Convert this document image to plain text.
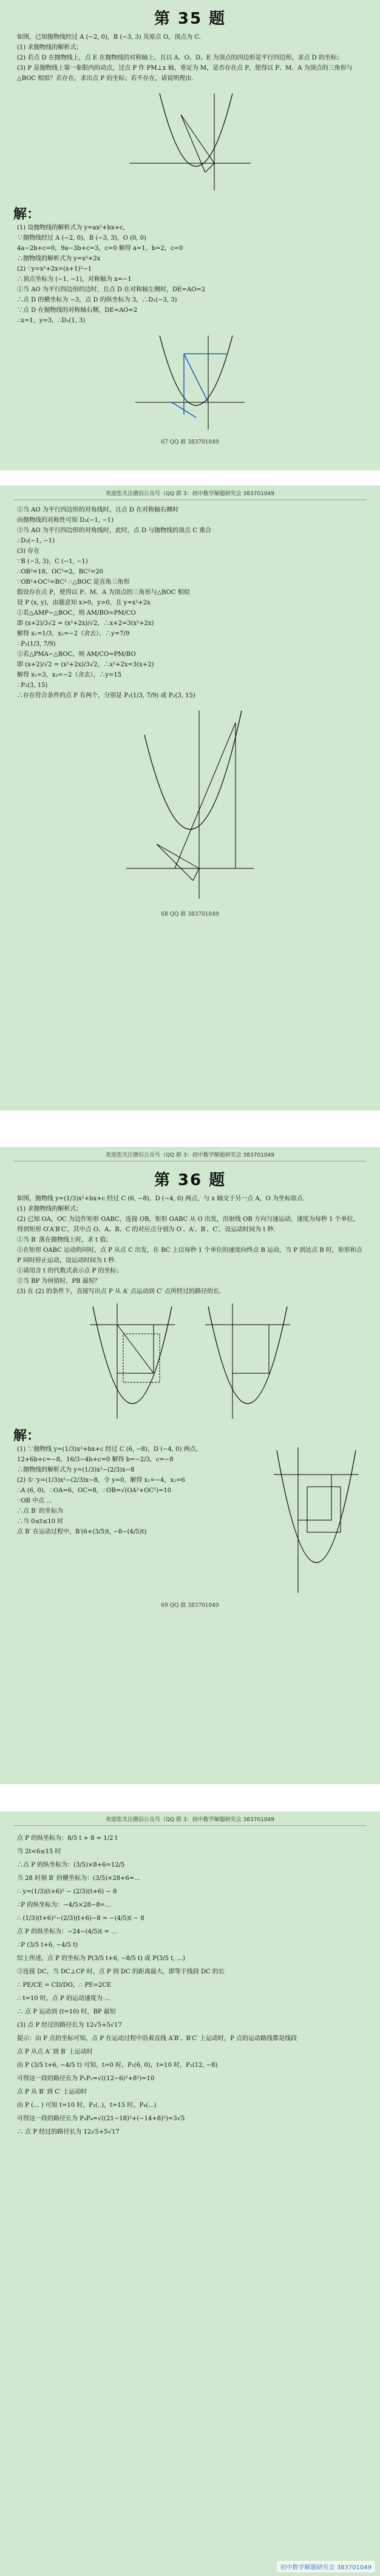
第 35 题
如图，已知抛物线经过 A (−2, 0)，B (−3, 3) 及原点 O，顶点为 C.
(1) 求抛物线的解析式；
(2) 若点 D 在抛物线上，点 E 在抛物线的对称轴上，且以 A、O、D、E 为顶点的四边形是平行四边形，求点 D 的坐标；
(3) P 是抛物线上第一象限内的动点，过点 P 作 PM⊥x 轴，垂足为 M，是否存在点 P，使得以 P、M、A 为顶点的三角形与△BOC 相似？若存在，求出点 P 的坐标；若不存在，请说明理由.
解：
(1) 设抛物线的解析式为 y=ax²+bx+c，
∵抛物线经过 A (−2, 0)，B (−3, 3)，O (0, 0)
4a−2b+c=0，9a−3b+c=3，c=0 解得 a=1，b=2，c=0
∴抛物线的解析式为 y=x²+2x
(2) ∵y=x²+2x=(x+1)²−1
∴顶点坐标为 (−1, −1)，对称轴为 x=−1
①当 AO 为平行四边形的边时，且点 D 在对称轴左侧时，DE=AO=2
∴点 D 的横坐标为 −3，点 D 的纵坐标为 3，∴D₁(−3, 3)
∵点 D 在抛物线的对称轴右侧，DE=AO=2
∴x=1，y=3，∴D₂(1, 3)
67 QQ 群 383701049
欢迎您关注微信公众号（QQ 群 3：初中数学解题研究会 383701049
②当 AO 为平行四边形的对角线时，且点 D 在对称轴右侧时
由抛物线的对称性可知 D₃(−1, −1)
③当 AO 为平行四边形的对角线时，此时，点 D 与抛物线的顶点 C 重合
∴D₃(−1, −1)
(3) 存在
∵B (−3, 3)，C (−1, −1)
∴OB²=18，OC²=2，BC²=20
∵OB²+OC²=BC² ∴△BOC 是直角三角形
假设存在点 P，使得以 P、M、A 为顶点的三角形与△BOC 相似
设 P (x, y)，由题意知 x>0，y>0，且 y=x²+2x
①若△AMP∽△BOC，则 AM/BO=PM/CO
即 (x+2)/3√2 = (x²+2x)/√2，∴x+2=3(x²+2x)
解得 x₁=1/3，x₂=−2（舍去），∴y=7/9
∴P₁(1/3, 7/9)
②若△PMA∽△BOC，则 AM/CO=PM/BO
即 (x+2)/√2 = (x²+2x)/3√2，∴x²+2x=3(x+2)
解得 x₁=3，x₂=−2（舍去），∴y=15
∴P₂(3, 15)
∴存在符合条件的点 P 有两个，分别是 P₁(1/3, 7/9) 或 P₂(3, 15)
68 QQ 群 383701049
欢迎您关注微信公众号（QQ 群 3：初中数学解题研究会 383701049
第 36 题
如图，抛物线 y=(1/3)x²+bx+c 经过 C (6, −8)，D (−4, 0) 两点，与 x 轴交于另一点 A，O 为坐标原点.
(1) 求抛物线的解析式；
(2) 已知 OA，OC 为边作矩形 OABC，连接 OB，矩形 OABC 从 O 出发，沿射线 OB 方向匀速运动，速度为每秒 1 个单位，得到矩形 O′A′B′C′，其中点 O、A、B、C 的对应点分别为 O′、A′、B′、C′，设运动时间为 t 秒.
①当 B′ 落在抛物线上时，求 t 值；
②在矩形 OABC 运动的同时，点 P 从点 C 出发，在 BC 上以每秒 1 个单位的速度向终点 B 运动，当 P 到达点 B 时，矩形和点 P 同时停止运动，设运动时间为 t 秒.
①请用含 t 的代数式表示点 P 的坐标；
②当 BP 为何值时，PB 最短？
(3) 在 (2) 的条件下，直接写出点 P 从 A′ 点运动到 C′ 点所经过的路径的长.
解：
(1) ∵抛物线 y=(1/3)x²+bx+c 经过 C (6, −8)，D (−4, 0) 两点，
12+6b+c=−8，16/3−4b+c=0 解得 b=−2/3，c=−8
∴抛物线的解析式为 y=(1/3)x²−(2/3)x−8
(2) ①∵y=(1/3)x²−(2/3)x−8，令 y=0，解得 x₁=−4，x₂=6
∴A (6, 0)，∴OA=6，OC=8，∴OB=√(OA²+OC²)=10
∵OB 中点 ...
∴点 B′ 的坐标为
∴当 0≤t≤10 时
点 B′ 在运动过程中，B′(6+(3/5)t, −8−(4/5)t)
69 QQ 群 383701049
欢迎您关注微信公众号（QQ 群 3：初中数学解题研究会 383701049
点 P 的纵坐标为：8/5 t + 8 = 1/2 t
当 2t<6≤15 时
∴点 P 的纵坐标为：(3/5)×8+6=12/5
当 28 时刻 B′ 的横坐标为：(3/5)×28+6=...
∴ y=(1/3)(t+6)² − (2/3)(t+6) − 8
∴P 的纵坐标为：−4/5×28−8=...
∴ (1/3)(t+6)²−(2/3)(t+6)−8 = −(4/5)t − 8
点 P 的纵坐标为：−24−(4/5)t = ...
∴P (3/5 t+6, −4/5 t)
综上所述，点 P 的坐标为 P(3/5 t+6, −8/5 t) 或 P(3/5 t, ...)
③连接 DC，当 DC⊥CP 时，点 P 到 DC 的距离最大，即等于线段 DC 的长
∴ PE/CE = CD/DO，∴ PE=2CE
∴ t=10 时，点 P 的运动速度为 ...
∴ 点 P 运动到 (t=10) 时，BP 最短
(3) 点 P 经过的路径长为 12√5+5√17
提示：由 P 点的坐标可知，点 P 在运动过程中沿着直线 A′B′、B′C′ 上运动时，P 点的运动路线都是线段
点 P 从点 A′ 到 B′ 上运动时
由 P (3/5 t+6, −4/5 t) 可知，t=0 时，P₁(6, 0)，t=10 时，P₂(12, −8)
可得这一段的路径长为 P₁P₂=√((12−6)²+8²)=10
点 P 从 B′ 到 C′ 上运动时
由 P (... ) 可知 t=10 时，P₃(..)，t=15 时，P₄(...)
可得这一段的路径长为 P₃P₄=√((21−18)²+(−14+8)²)=3√5
∴ 点 P 经过的路径长为 12√5+5√17
初中数学解题研究会 383701049
